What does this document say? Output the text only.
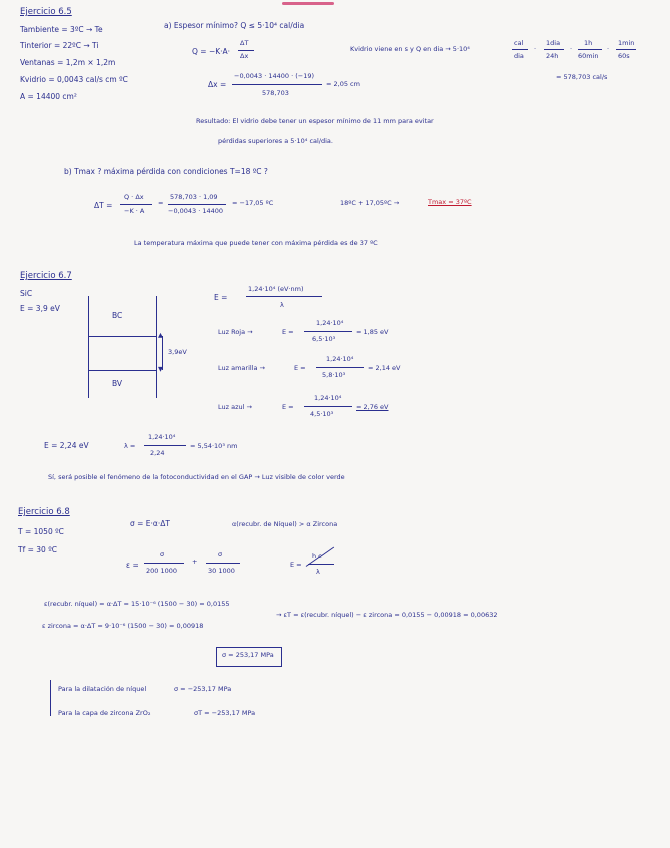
Ejercicio 6.5
Tambiente = 3ºC → Te
Tinterior = 22ºC → Ti
Ventanas = 1,2m × 1,2m
Kvidrio = 0,0043 cal/s cm ºC
A = 14400 cm²
a) Espesor mínimo? Q ≤ 5·10⁴ cal/dia
Q = −K·A·
ΔT
Δx
Kvidrio viene en s y Q en dia → 5·10⁴
cal
dia
·
1dia
24h
·
1h
60min
·
1min
60s
= 578,703 cal/s
Δx =
−0,0043 · 14400 · (−19)
578,703
= 2,05 cm
Resultado: El vidrio debe tener un espesor mínimo de 11 mm para evitar
pérdidas superiores a 5·10⁴ cal/dia.
b) Tmax ? máxima pérdida con condiciones T=18 ºC ?
ΔT =
Q · Δx
−K · A
=
578,703 · 1,09
−0,0043 · 14400
= −17,05 ºC	18ºC + 17,05ºC →	Tmax = 37ºC
La temperatura máxima que puede tener con máxima pérdida es de 37 ºC
Ejercicio 6.7
SiC
E = 3,9 eV
BC
BV
▲
▼
3,9eV
E =
1,24·10⁴ (eV·nm)
λ
Luz Roja →	E =
1,24·10⁴
6,5·10³
= 1,85 eV
Luz amarilla →	E =
1,24·10⁴
5,8·10³
= 2,14 eV
Luz azul →	E =
1,24·10⁴
4,5·10³
= 2,76 eV
E = 2,24 eV	λ =
1,24·10⁴
2,24
= 5,54·10³ nm
Sí, será posible el fenómeno de la fotoconductividad en el GAP → Luz visible de color verde
Ejercicio 6.8
T = 1050 ºC
Tf = 30 ºC
σ = E·α·ΔT	α(recubr. de Níquel) > α Zircona
ε =
σ
200 1000
+
σ
30 1000
E =
h c
λ
ε(recubr. níquel) = α·ΔT = 15·10⁻⁶ (1500 − 30) = 0,0155
ε zircona = α·ΔT = 9·10⁻⁶ (1500 − 30) = 0,00918
→ εT = ε(recubr. níquel) − ε zircona = 0,0155 − 0,00918 = 0,00632
σ = 253,17 MPa
Para la dilatación de níquel	σ = −253,17 MPa
Para la capa de zircona ZrO₂	σT = −253,17 MPa
